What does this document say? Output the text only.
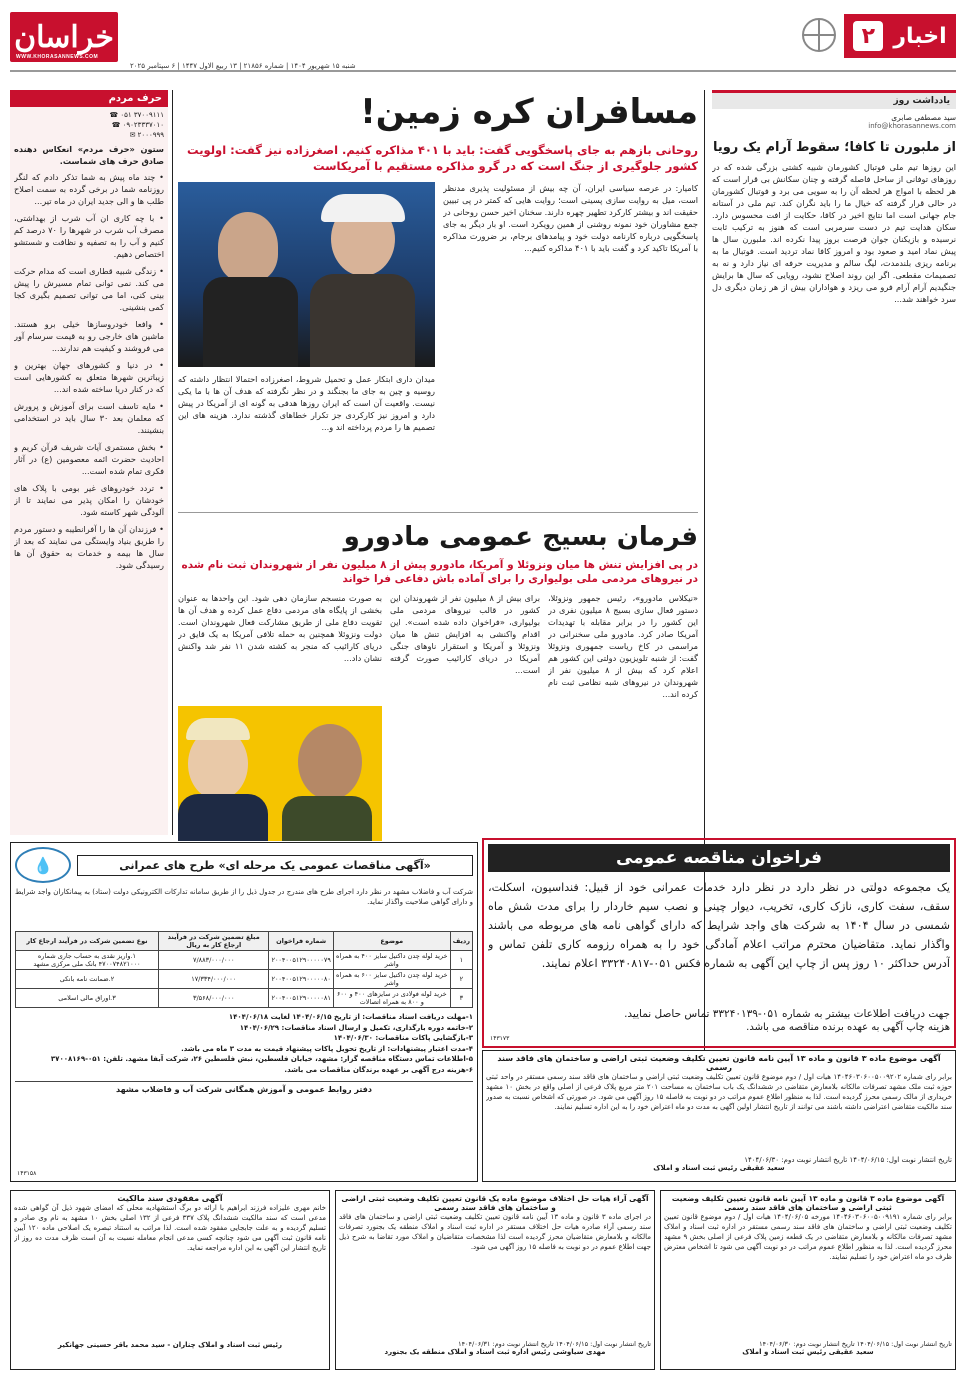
خراسان
WWW.KHORASANNEWS.COM
شنبه ۱۵ شهریور ۱۴۰۴ | شماره ۲۱۸۵۶ | ۱۳ ربیع الاول ۱۴۴۷ | ۶ سپتامبر ۲۰۲۵
اخبار
۲
یادداشت روز
سید مصطفی صابری
info@khorasannews.com
از ملبورن تا کافا؛ سقوط آرام یک رویا
این روزها تیم ملی فوتبال کشورمان شبیه کشتی بزرگی شده که در روزهای توفانی از ساحل فاصله گرفته و چنان سکانش بی قرار است که هر لحظه با امواج هر لحظه آن را به سویی می برد و فوتبال کشورمان در حالی قرار گرفته که خیال ما را باید نگران کند. تیم ملی در آستانه جام جهانی است اما نتایج اخیر در کافا، حکایت از افت محسوس دارد. سکان هدایت تیم در دست سرمربی است که هنوز به ترکیب ثابت نرسیده و بازیکنان جوان فرصت بروز پیدا نکرده اند. ملبورن سال ها پیش نماد امید و صعود بود و امروز کافا نماد تردید است. فوتبال ما به برنامه ریزی بلندمدت، لیگ سالم و مدیریت حرفه ای نیاز دارد و نه به تصمیمات مقطعی. اگر این روند اصلاح نشود، رویایی که سال ها برایش جنگیدیم آرام آرام فرو می ریزد و هواداران بیش از هر زمان دیگری دل سرد خواهند شد...
مسافران کره زمین!
روحانی بازهم به جای پاسخگویی گفت: باید با ۴۰۱ مذاکره کنیم. اصغرزاده نیز گفت: اولویت کشور جلوگیری از جنگ است که در گرو مذاکره مستقیم با آمریکاست
کامیار: در عرصه سیاسی ایران، آن چه بیش از مسئولیت پذیری مدنظر است، میل به روایت سازی پسینی است؛ روایت هایی که کمتر در پی تبیین حقیقت اند و بیشتر کارکرد تطهیر چهره دارند. سخنان اخیر حسن روحانی در جمع مشاوران خود نمونه روشنی از همین رویکرد است. او بار دیگر به جای پاسخگویی درباره کارنامه دولت خود و پیامدهای برجام، بر ضرورت مذاکره با آمریکا تاکید کرد و گفت باید با ۴۰۱ مذاکره کنیم...
میدان داری ابتکار عمل و تحمیل شروط، اصغرزاده احتمالا انتظار داشته که روسیه و چین به جای ما بجنگند و در نظر نگرفته که هدف آن ها با ما یکی نیست. واقعیت آن است که ایران روزها هدفی به گونه ای از آمریکا در پیش دارد و امروز نیز کارکردی جز تکرار خطاهای گذشته ندارد. هزینه های این تصمیم ها را مردم پرداخته اند و...
فرمان بسیج عمومی مادورو
در پی افزایش تنش ها میان ونزوئلا و آمریکا، مادورو پیش از ۸ میلیون نفر از شهروندان ثبت نام شده در نیروهای مردمی ملی بولیواری را برای آماده باش دفاعی فرا خواند
«نیکلاس مادورو»، رئیس جمهور ونزوئلا، دستور فعال سازی بسیج ۸ میلیون نفری در این کشور را در برابر مقابله با تهدیدات آمریکا صادر کرد. مادورو ملی سخنرانی در مراسمی در کاخ ریاست جمهوری ونزوئلا گفت: از شنبه تلویزیون دولتی این کشور هم اعلام کرد که بیش از ۸ میلیون نفر از شهروندان در نیروهای شبه نظامی ثبت نام کرده اند...
برای بیش از ۸ میلیون نفر از شهروندان این کشور در قالب نیروهای مردمی ملی بولیواری، «فراخوان داده شده است». این اقدام واکنشی به افزایش تنش ها میان ونزوئلا و آمریکا و استقرار ناوهای جنگی آمریکا در دریای کارائیب صورت گرفته است...
به صورت منسجم سازمان دهی شود. این واحدها به عنوان بخشی از پایگاه های مردمی دفاع عمل کرده و هدف آن ها تقویت دفاع ملی از طریق مشارکت فعال شهروندان است. دولت ونزوئلا همچنین به حمله تلافی آمریکا به یک قایق در دریای کارائیب که منجر به کشته شدن ۱۱ نفر شد واکنش نشان داد...
حرف مردم
☎ ۰۵۱ ۳۷۰۰۹۱۱۱
☎ ۰۹۰۲۳۳۳۷۰۱۰
✉ ۲۰۰۰۹۹۹
ستون «حرف مردم» انعکاس دهنده صادق حرف های شماست.
• چند ماه پیش به شما تذکر دادم که لنگر روزنامه شما در برخی گرده به سمت اصلاح طلب ها و الی جدید ایران در ماه تیر...
• با چه کاری ان آب شرب از بهداشتی، مصرف آب شرب در شهرها را ۷۰ درصد کم کنیم و آب را به تصفیه و نظافت و شستشو اختصاص دهیم.
• زندگی شبیه قطاری است که مدام حرکت می کند. نمی توانی تمام مسیرش را پیش بینی کنی، اما می توانی تصمیم بگیری کجا کمی بنشینی.
• وافعا خودروسازها خیلی برو هستند. ماشین های خارجی رو به قیمت سرسام آور می فروشند و کیفیت هم ندارند...
• در دنیا و کشورهای جهان بهترین و زیباترین شهرها متعلق به کشورهایی است که در کنار دریا ساخته شده اند...
• مایه تاسف است برای آموزش و پرورش که معلمان بعد ۳۰ سال باید در استخدامی بنشینند.
• بخش مستمری آیات شریف قرآن کریم و احادیث حضرت ائمه معصومین (ع) در آثار فکری تمام شده است...
• تردد خودروهای غیر بومی با پلاک های خودشان را امکان پذیر می نمایند تا از آلودگی شهر کاسته شود.
• فرزندان آن ها را آفرانطیبه و دستور مردم را طریق بنیاد وایستگی می نمایند که بعد از سال ها بیمه و خدمات به حقوق آن ها رسیدگی شود.
فراخوان مناقصه عمومی
یک مجموعه دولتی در نظر دارد در نظر دارد خدمات عمرانی خود از قبیل: فنداسیون، اسکلت، سقف، سفت کاری، نازک کاری، تخریب، دیوار چینی و نصب سیم خاردار را برای مدت شش ماه شمسی در سال ۱۴۰۴ به شرکت های واجد شرایط که دارای گواهی نامه های مربوطه می باشند واگذار نماید. متقاضیان محترم مراتب اعلام آمادگی خود را به همراه رزومه کاری تلفن تماس و آدرس حداکثر ۱۰ روز پس از چاپ این آگهی به شماره فکس ۰۵۱-۳۳۲۴۰۸۱۷ اعلام نمایند.
جهت دریافت اطلاعات بیشتر به شماره ۰۵۱-۳۳۲۴۰۱۳۹ تماس حاصل نمایید.
هزینه چاپ آگهی به عهده برنده مناقصه می باشد.
۱۴۳۱۷۳
«آگهی مناقصات عمومی یک مرحله ای» طرح های عمرانی
💧
شرکت آب و فاضلاب مشهد در نظر دارد اجرای طرح های مندرج در جدول ذیل را از طریق سامانه تدارکات الکترونیکی دولت (ستاد) به پیمانکاران واجد شرایط و دارای گواهی صلاحیت واگذار نماید.
ردیف	موضوع	شماره فراخوان	مبلغ تضمین شرکت در فرآیند ارجاع کار به ریال	نوع تضمین شرکت در فرآیند ارجاع کار
۱	خرید لوله چدن داکتیل سایز ۴۰۰ به همراه واشر	۲۰۰۴۰۰۵۱۲۹۰۰۰۰۰۷۹	۷/۸۸۳/۰۰۰/۰۰۰	۱.واریز نقدی به حساب جاری شماره ۴۷۰۰۷۴۸۲۱۰۰۰ بانک ملی مرکزی مشهد
۲	خرید لوله چدن داکتیل سایز ۶۰۰ به همراه واشر	۲۰۰۴۰۰۵۱۲۹۰۰۰۰۰۸۰	۱۷/۳۳۴/۰۰۰/۰۰۰	۲.ضمانت نامه بانکی
۳	خرید لوله فولادی در سایزهای ۴۰۰ و ۶۰۰ و ۸۰۰ به همراه اتصالات	۲۰۰۴۰۰۵۱۲۹۰۰۰۰۰۸۱	۳/۵۶۸/۰۰۰/۰۰۰	۳.اوراق مالی اسلامی
۱-مهلت دریافت اسناد مناقصات: از تاریخ ۱۴۰۴/۰۶/۱۵ لغایت ۱۴۰۴/۰۶/۱۸
۲-خاتمه دوره بارگذاری، تکمیل و ارسال اسناد مناقصات: ۱۴۰۴/۰۶/۲۹
۳-بازگشایی پاکات مناقصات: ۱۴۰۴/۰۶/۳۰
۴-مدت اعتبار پیشنهادات: از تاریخ تحویل پاکات پیشنهاد قیمت به مدت ۳ ماه می باشد.
۵-اطلاعات تماس دستگاه مناقصه گزار: مشهد، خیابان فلسطین، نبش فلسطین ۲۶، شرکت آبفا مشهد. تلفن: ۰۵۱-۳۷۰۰۸۱۶۹
۶-هزینه درج آگهی بر عهده برندگان مناقصات می باشد.
دفتر روابط عمومی و آموزش همگانی شرکت آب و فاضلاب مشهد
۱۴۳۱۵۸
آگهی موضوع ماده ۳ قانون و ماده ۱۳ آیین نامه قانون تعیین تکلیف وضعیت ثبتی اراضی و ساختمان های فاقد سند رسمی
برابر رای شماره ۱۴۰۴۶۰۳۰۶۰۰۵۰۰۹۲۰۲ هیات اول / دوم موضوع قانون تعیین تکلیف وضعیت ثبتی اراضی و ساختمان های فاقد سند رسمی مستقر در واحد ثبتی حوزه ثبت ملک مشهد تصرفات مالکانه بلامعارض متقاضی در ششدانگ یک باب ساختمان به مساحت ۲۰۱ متر مربع پلاک فرعی از اصلی واقع در بخش ۱۰ مشهد خریداری از مالک رسمی محرز گردیده است. لذا به منظور اطلاع عموم مراتب در دو نوبت به فاصله ۱۵ روز آگهی می شود. در صورتی که اشخاص نسبت به صدور سند مالکیت متقاضی اعتراضی داشته باشند می توانند از تاریخ انتشار اولین آگهی به مدت دو ماه اعتراض خود را به این اداره تسلیم نمایند.
تاریخ انتشار نوبت اول: ۱۴۰۴/۰۶/۱۵ تاریخ انتشار نوبت دوم: ۱۴۰۴/۰۶/۳۰
سعید عقیقی رئیس ثبت اسناد و املاک
آگهی موضوع ماده ۳ قانون و ماده ۱۳ آیین نامه قانون تعیین تکلیف وضعیت ثبتی اراضی و ساختمان های فاقد سند رسمی
برابر رای شماره ۱۴۰۴۶۰۳۰۶۰۰۵۰۰۹۱۹۱ مورخه ۱۴۰۴/۰۶/۰۵ هیات اول / دوم موضوع قانون تعیین تکلیف وضعیت ثبتی اراضی و ساختمان های فاقد سند رسمی مستقر در اداره ثبت اسناد و املاک مشهد تصرفات مالکانه و بلامعارض متقاضی در یک قطعه زمین پلاک فرعی از اصلی بخش ۹ مشهد محرز گردیده است. لذا به منظور اطلاع عموم مراتب در دو نوبت آگهی می شود تا اشخاص معترض ظرف دو ماه اعتراض خود را تسلیم نمایند.
تاریخ انتشار نوبت اول: ۱۴۰۴/۰۶/۱۵ تاریخ انتشار نوبت دوم: ۱۴۰۴/۰۶/۳۰
سعید عقیقی رئیس ثبت اسناد و املاک
آگهی آراء هیات حل اختلاف موضوع ماده یک قانون تعیین تکلیف وضعیت ثبتی اراضی و ساختمان های فاقد سند رسمی
در اجرای ماده ۳ قانون و ماده ۱۳ آیین نامه قانون تعیین تکلیف وضعیت ثبتی اراضی و ساختمان های فاقد سند رسمی آراء صادره هیات حل اختلاف مستقر در اداره ثبت اسناد و املاک منطقه یک بجنورد تصرفات مالکانه و بلامعارض متقاضیان محرز گردیده است لذا مشخصات متقاضیان و املاک مورد تقاضا به شرح ذیل جهت اطلاع عموم در دو نوبت به فاصله ۱۵ روز آگهی می شود.
تاریخ انتشار نوبت اول: ۱۴۰۴/۰۶/۱۵ تاریخ انتشار نوبت دوم: ۱۴۰۴/۰۶/۳۱
مهدی سیاوشی رئیس اداره ثبت اسناد و املاک منطقه یک بجنورد
آگهی مفقودی سند مالکیت
خانم مهری علیزاده فرزند ابراهیم با ارائه دو برگ استشهادیه محلی که امضای شهود ذیل آن گواهی شده مدعی است که سند مالکیت ششدانگ پلاک ۳۳۷ فرعی از ۱۳۲ اصلی بخش ۱۰ مشهد به نام وی صادر و تسلیم گردیده و به علت جابجایی مفقود شده است. لذا مراتب به استناد تبصره یک اصلاحی ماده ۱۲۰ آیین نامه قانون ثبت آگهی می شود چنانچه کسی مدعی انجام معامله نسبت به آن است ظرف مدت ده روز از تاریخ انتشار این آگهی به این اداره مراجعه نماید.
رئیس ثبت اسناد و املاک چناران - سید محمد باقر حسینی جهانکیر
